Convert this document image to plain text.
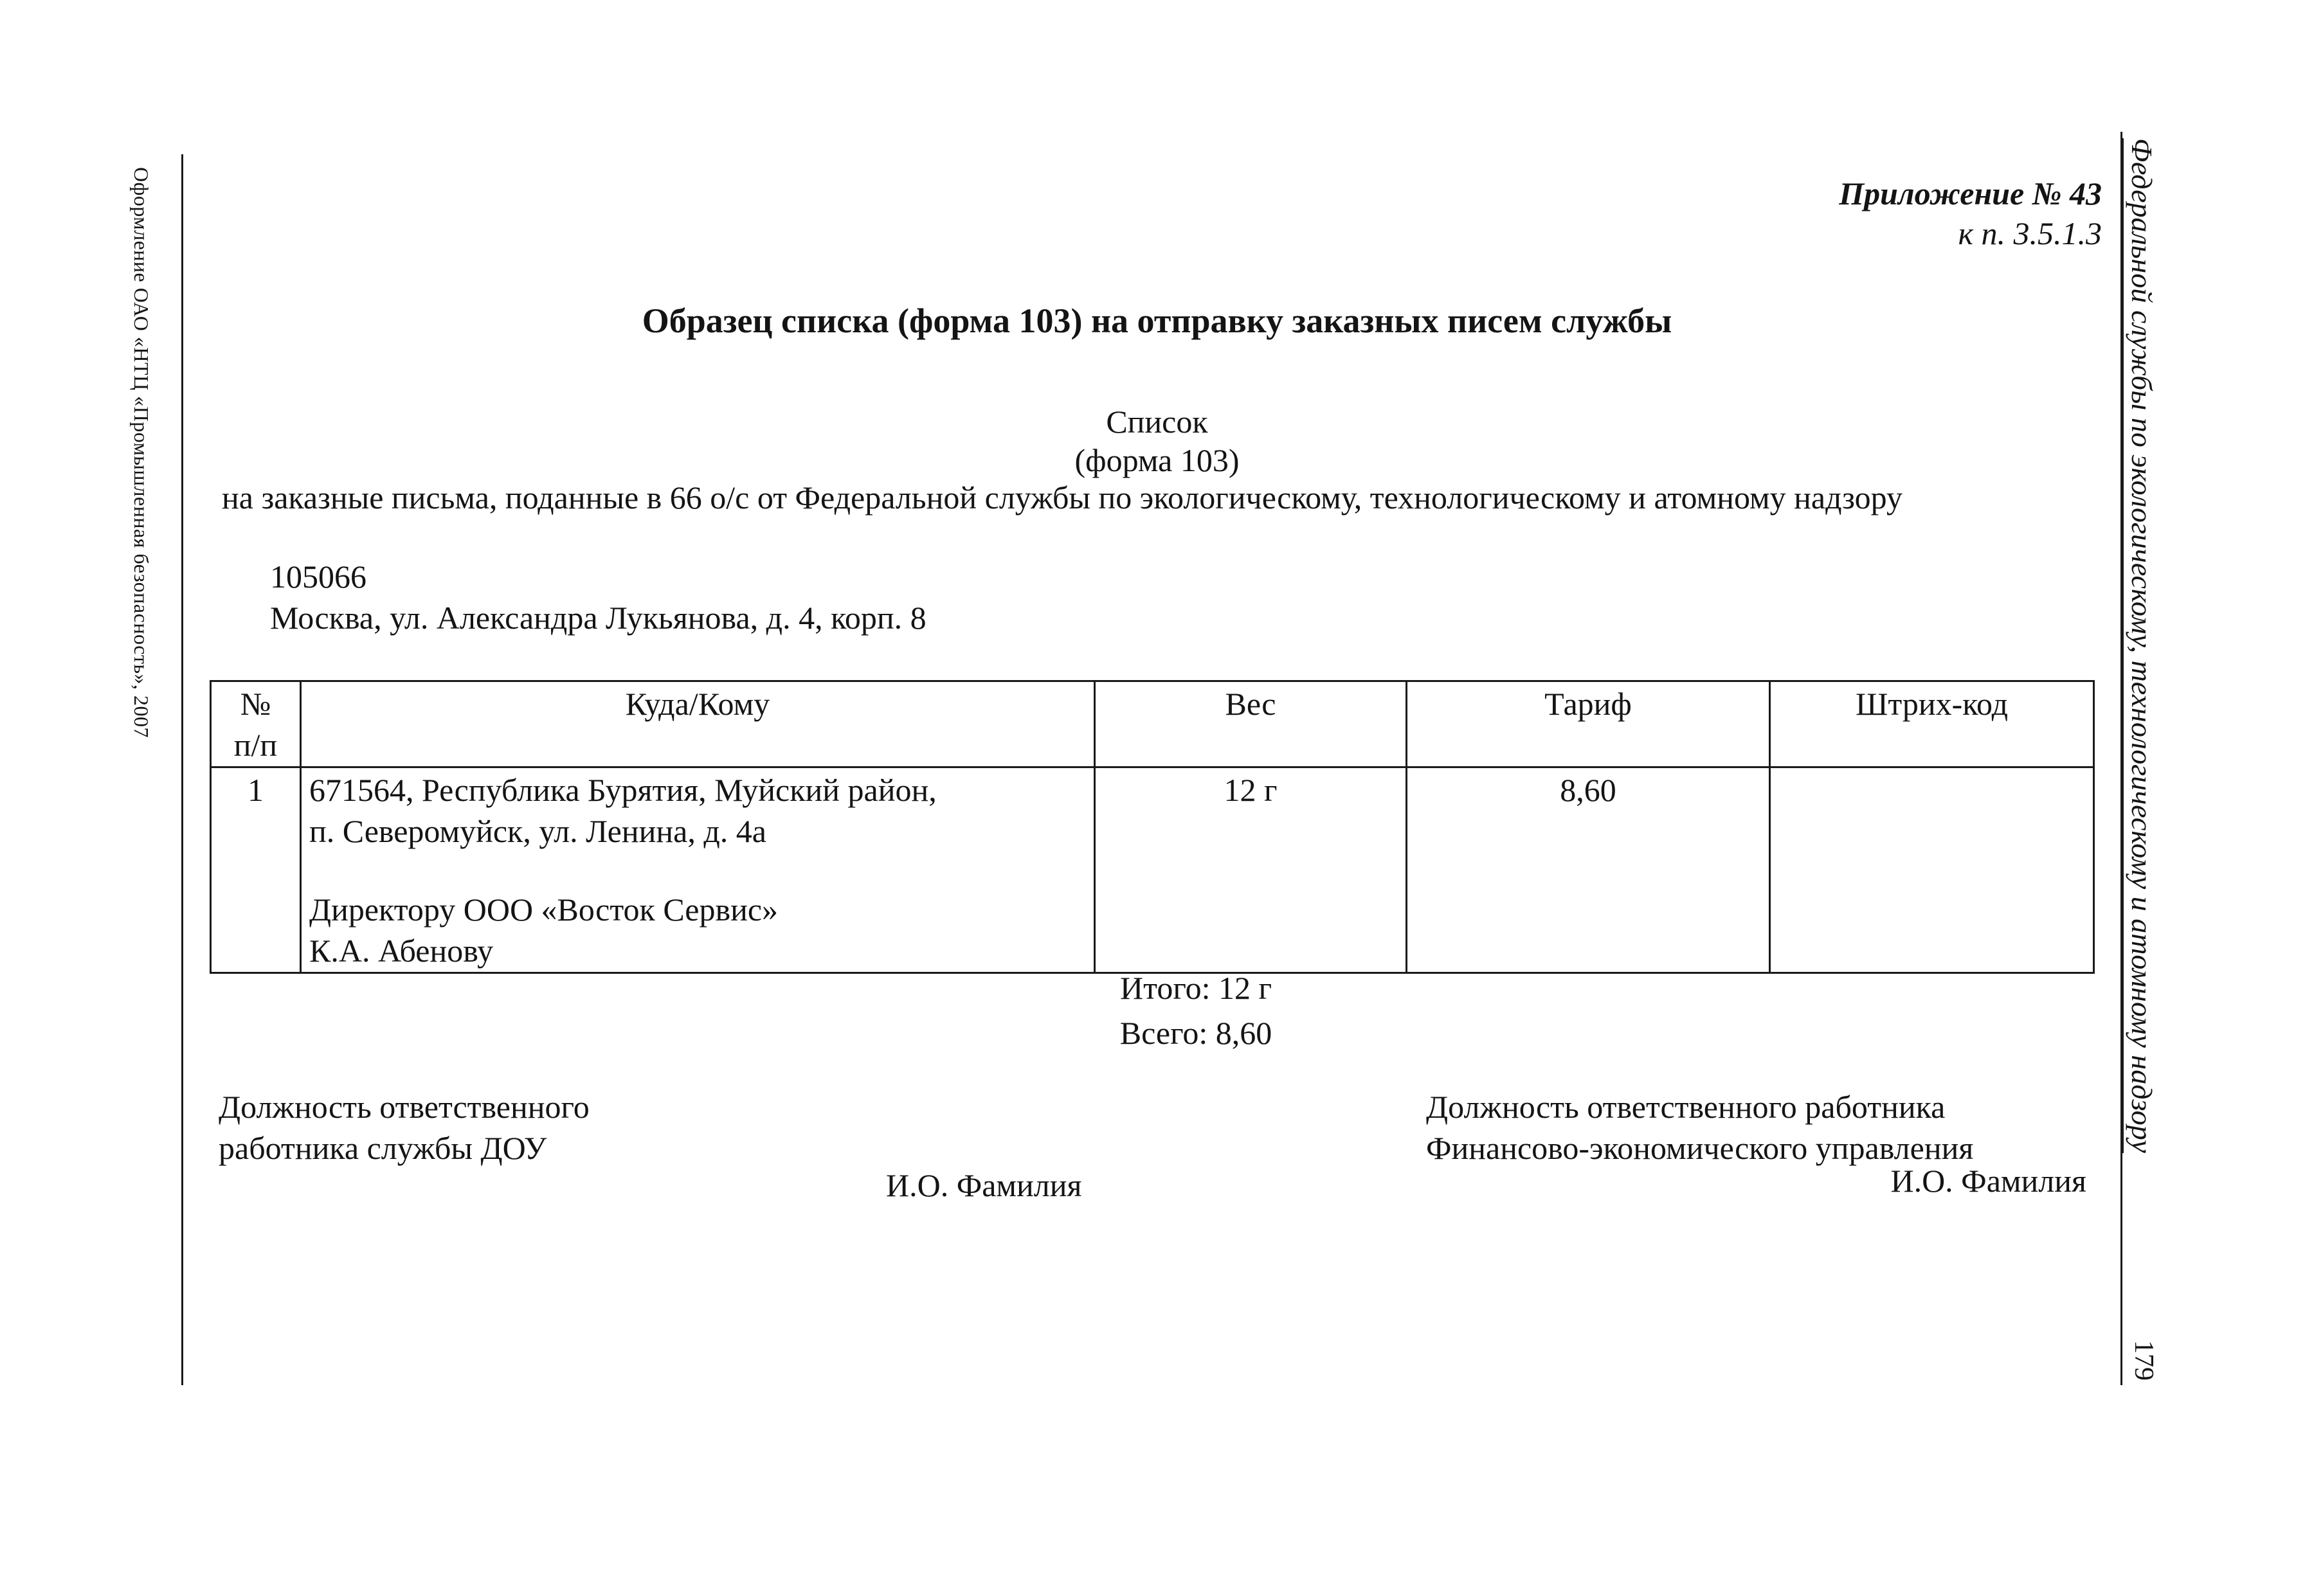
Оформление ОАО «НТЦ «Промышленная безопасность», 2007	Федеральной службы по экологическому, технологическому и атомному надзору
179
Приложение № 43
к п. 3.5.1.3
Образец списка (форма 103) на отправку заказных писем службы
Список
(форма 103)
на заказные письма, поданные в 66 о/с от Федеральной службы по экологическому, технологическому и атомному надзору
105066
Москва, ул. Александра Лукьянова, д. 4, корп. 8
№
п/п	Куда/Кому	Вес	Тариф	Штрих-код
1	671564, Республика Бурятия, Муйский район,
п. Северомуйск, ул. Ленина, д. 4а
Директору ООО «Восток Сервис»
К.А. Абенову	12 г	8,60	
Итого: 12 г
Всего: 8,60
Должность ответственного
работника службы ДОУ
И.О. Фамилия
Должность ответственного работника
Финансово-экономического управления
И.О. Фамилия
